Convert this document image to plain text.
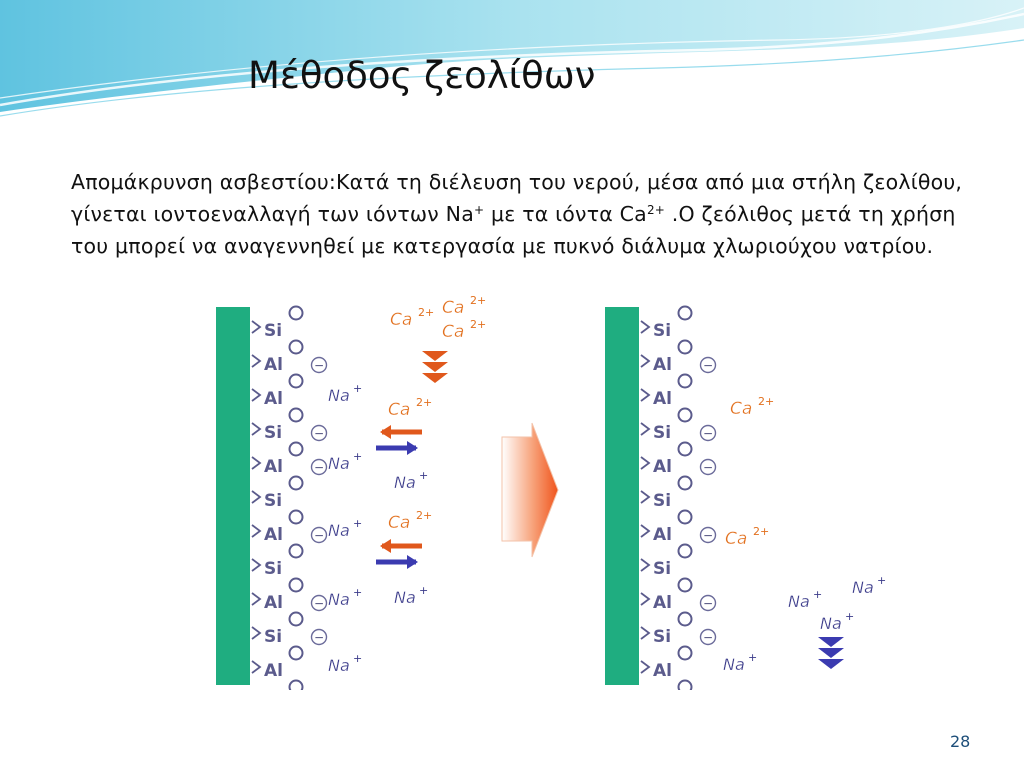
Μέθοδος ζεολίθων
Απομάκρυνση ασβεστίου:Κατά τη διέλευση του νερού, μέσα από μια στήλη ζεολίθου, γίνεται ιοντοεναλλαγή των ιόντων Na+ με τα ιόντα $Ca^{2+}$ .Ο ζεόλιθος μετά τη χρήση του μπορεί να αναγεννηθεί με κατεργασία με πυκνό διάλυμα χλωριούχου νατρίου.
Si
Al	−
Al
Si	−
Al	−
Si
Al	−
Si
Al	−
Si	−
Al
Si
Al	−
Al
Si	−
Al	−
Si
Al	−
Si
Al	−
Si	−
Al
Ca 2+ Ca 2+
Ca 2+
Ca 2+
Ca 2+
Na +
Na +
Na +
Na +
Na + Na +
Na +
Ca 2+
Ca 2+
Na +
Na +
Na +
Na +
28
